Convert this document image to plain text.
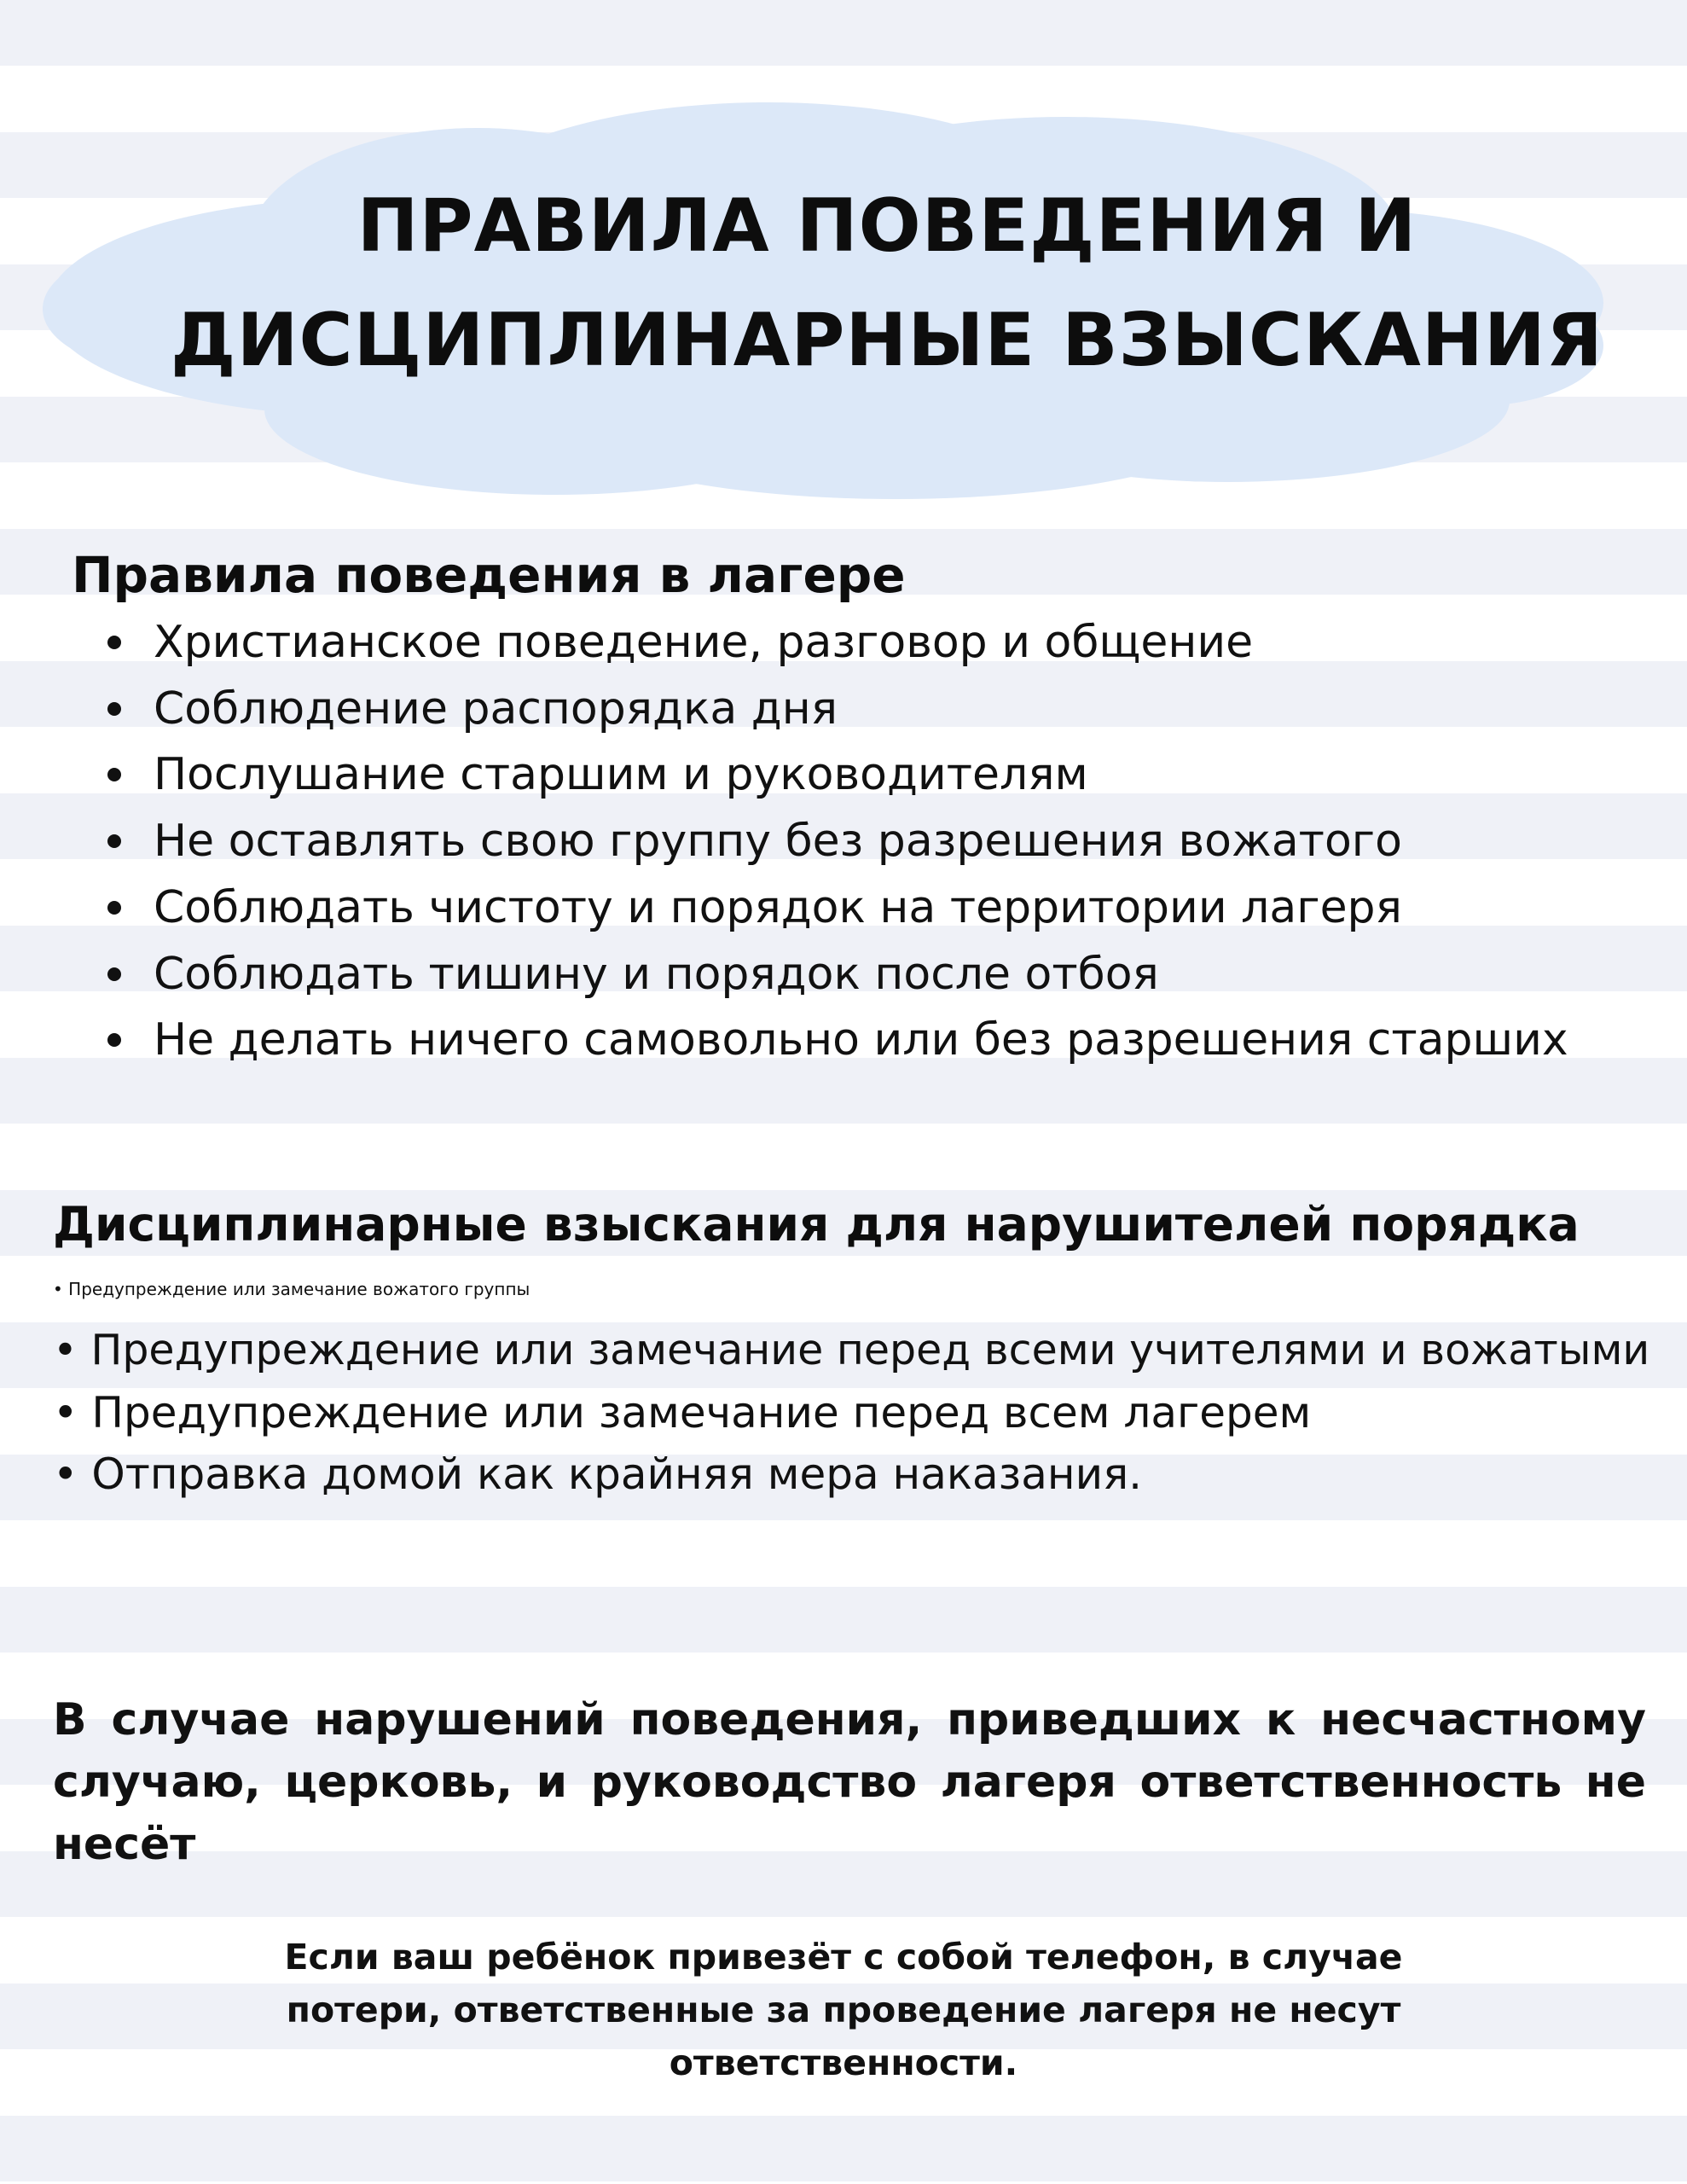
ПРАВИЛА ПОВЕДЕНИЯ И ДИСЦИПЛИНАРНЫЕ ВЗЫСКАНИЯ
Правила поведения в лагере
Христианское поведение, разговор и общение
Соблюдение распорядка дня
Послушание старшим и руководителям
Не оставлять свою группу без разрешения вожатого
Соблюдать чистоту и порядок на территории лагеря
Соблюдать тишину и порядок после отбоя
Не делать ничего самовольно или без разрешения старших
Дисциплинарные взыскания для нарушителей порядка
• Предупреждение или замечание вожатого группы
• Предупреждение или замечание перед всеми учителями и вожатыми
• Предупреждение или замечание перед всем лагерем
• Отправка домой как крайняя мера наказания.

В случае нарушений поведения, приведших к несчастному случаю, церковь, и руководство лагеря ответственность не несёт

Если ваш ребёнок привезёт с собой телефон, в случае потери, ответственные за проведение лагеря не несут ответственности.
